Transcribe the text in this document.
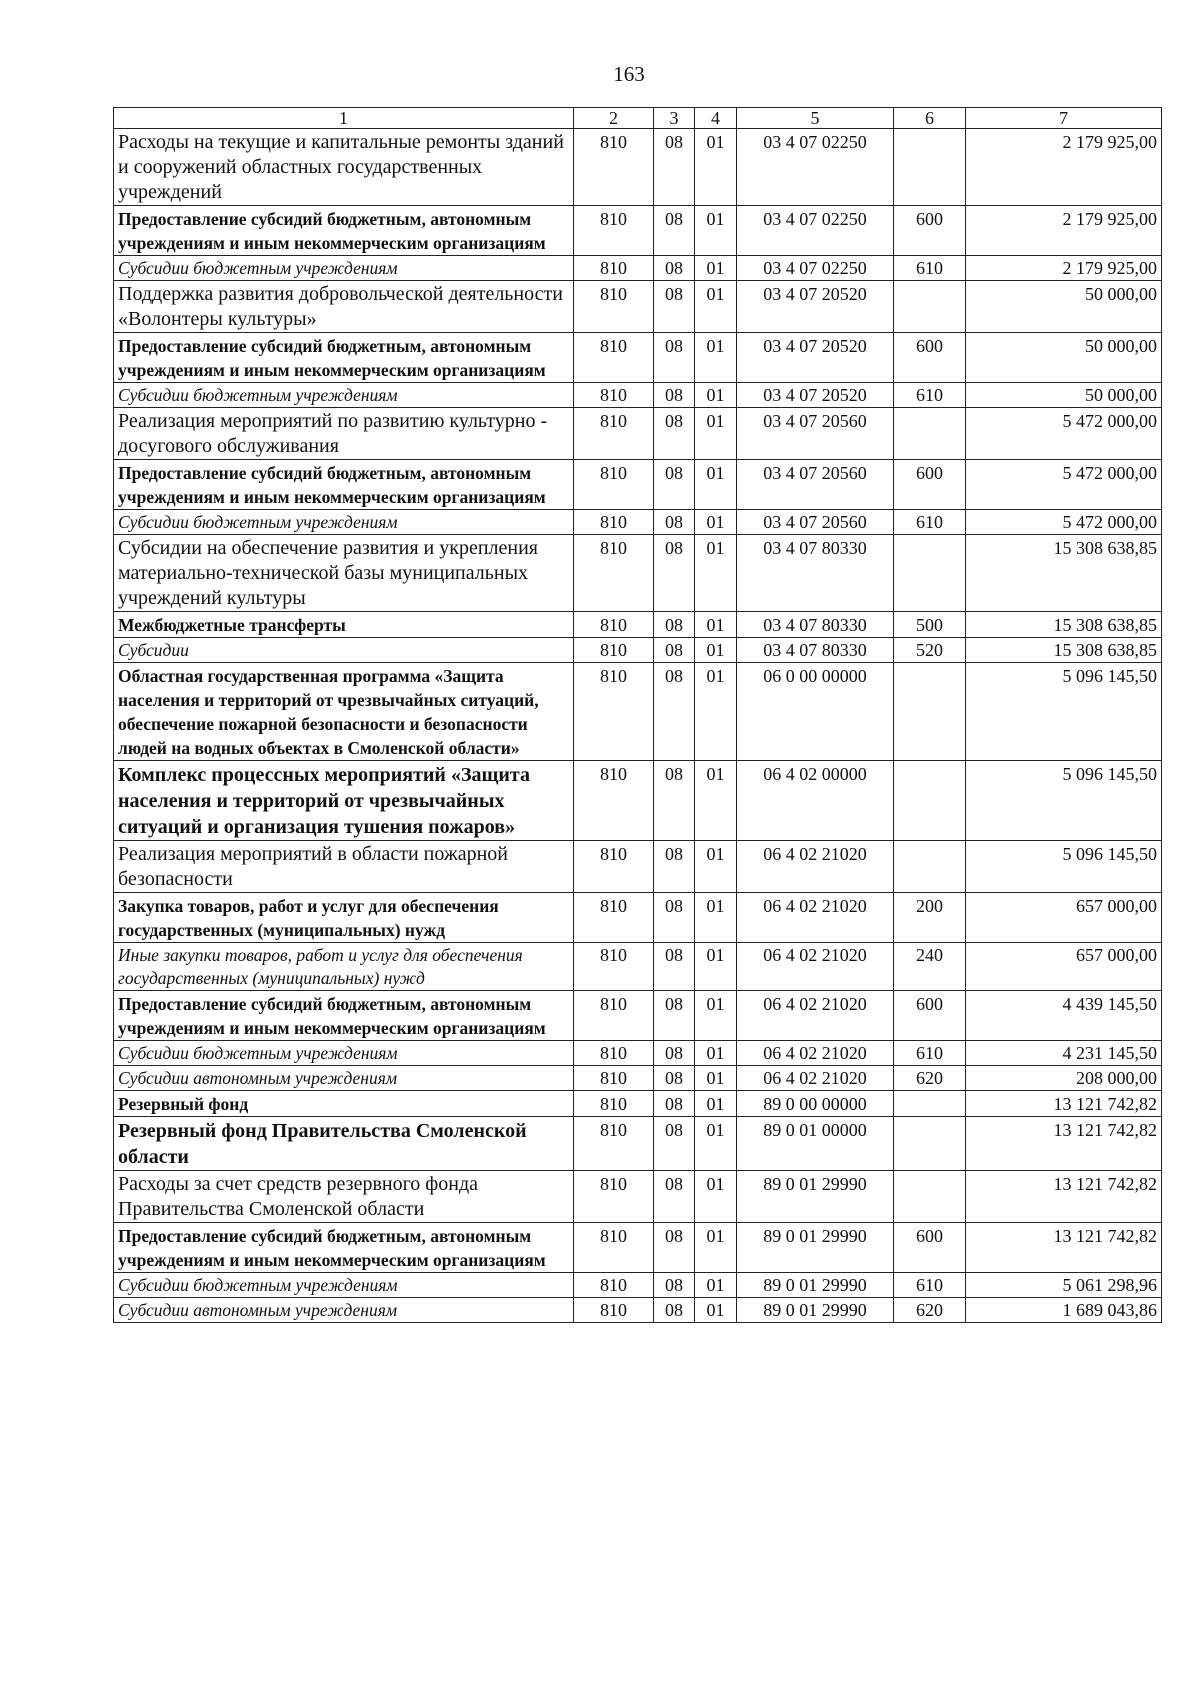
163
1	2	3	4	5	6	7
Расходы на текущие и капитальные ремонты зданий и сооружений областных государственных учреждений	810	08	01	03 4 07 02250		2 179 925,00
Предоставление субсидий бюджетным, автономным учреждениям и иным некоммерческим организациям	810	08	01	03 4 07 02250	600	2 179 925,00
Субсидии бюджетным учреждениям	810	08	01	03 4 07 02250	610	2 179 925,00
Поддержка развития добровольческой деятельности «Волонтеры культуры»	810	08	01	03 4 07 20520		50 000,00
Предоставление субсидий бюджетным, автономным учреждениям и иным некоммерческим организациям	810	08	01	03 4 07 20520	600	50 000,00
Субсидии бюджетным учреждениям	810	08	01	03 4 07 20520	610	50 000,00
Реализация мероприятий по развитию культурно - досугового обслуживания	810	08	01	03 4 07 20560		5 472 000,00
Предоставление субсидий бюджетным, автономным учреждениям и иным некоммерческим организациям	810	08	01	03 4 07 20560	600	5 472 000,00
Субсидии бюджетным учреждениям	810	08	01	03 4 07 20560	610	5 472 000,00
Субсидии на обеспечение развития и укрепления материально-технической базы муниципальных учреждений культуры	810	08	01	03 4 07 80330		15 308 638,85
Межбюджетные трансферты	810	08	01	03 4 07 80330	500	15 308 638,85
Субсидии	810	08	01	03 4 07 80330	520	15 308 638,85
Областная государственная программа «Защита населения и территорий от чрезвычайных ситуаций, обеспечение пожарной безопасности и безопасности людей на водных объектах в Смоленской области»	810	08	01	06 0 00 00000		5 096 145,50
Комплекс процессных мероприятий «Защита населения и территорий от чрезвычайных ситуаций и организация тушения пожаров»	810	08	01	06 4 02 00000		5 096 145,50
Реализация мероприятий в области пожарной безопасности	810	08	01	06 4 02 21020		5 096 145,50
Закупка товаров, работ и услуг для обеспечения государственных (муниципальных) нужд	810	08	01	06 4 02 21020	200	657 000,00
Иные закупки товаров, работ и услуг для обеспечения государственных (муниципальных) нужд	810	08	01	06 4 02 21020	240	657 000,00
Предоставление субсидий бюджетным, автономным учреждениям и иным некоммерческим организациям	810	08	01	06 4 02 21020	600	4 439 145,50
Субсидии бюджетным учреждениям	810	08	01	06 4 02 21020	610	4 231 145,50
Субсидии автономным учреждениям	810	08	01	06 4 02 21020	620	208 000,00
Резервный фонд	810	08	01	89 0 00 00000		13 121 742,82
Резервный фонд Правительства Смоленской области	810	08	01	89 0 01 00000		13 121 742,82
Расходы за счет средств резервного фонда Правительства Смоленской области	810	08	01	89 0 01 29990		13 121 742,82
Предоставление субсидий бюджетным, автономным учреждениям и иным некоммерческим организациям	810	08	01	89 0 01 29990	600	13 121 742,82
Субсидии бюджетным учреждениям	810	08	01	89 0 01 29990	610	5 061 298,96
Субсидии автономным учреждениям	810	08	01	89 0 01 29990	620	1 689 043,86
